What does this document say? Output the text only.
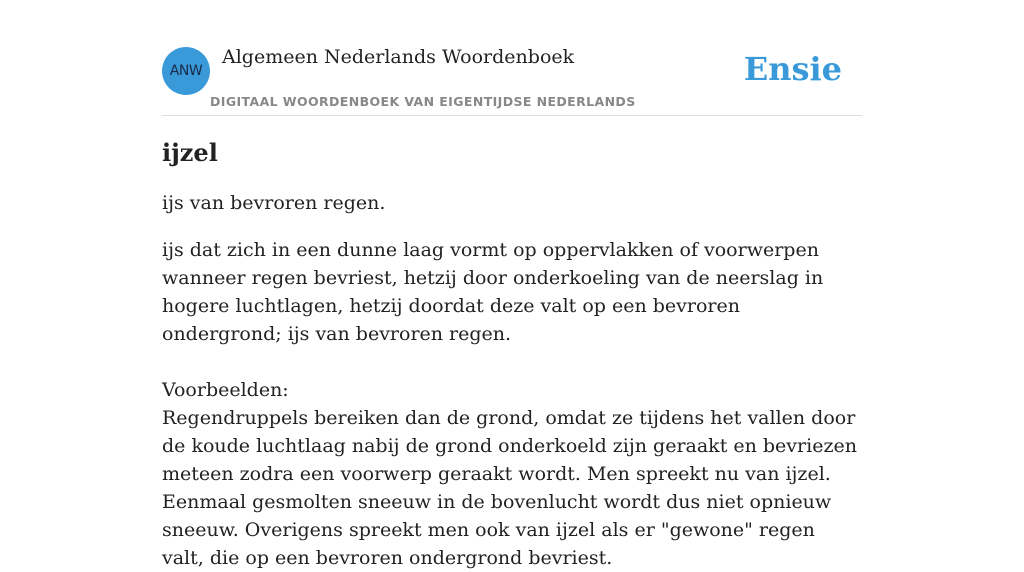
ANW
Algemeen Nederlands Woordenboek
DIGITAAL WOORDENBOEK VAN EIGENTIJDSE NEDERLANDS
Ensie
ijzel

ijs van bevroren regen.

ijs dat zich in een dunne laag vormt op oppervlakken of voorwerpen wanneer regen bevriest, hetzij door onderkoeling van de neerslag in hogere luchtlagen, hetzij doordat deze valt op een bevroren ondergrond; ijs van bevroren regen.

Voorbeelden:

Regendruppels bereiken dan de grond, omdat ze tijdens het vallen door de koude luchtlaag nabij de grond onderkoeld zijn geraakt en bevriezen meteen zodra een voorwerp geraakt wordt. Men spreekt nu van ijzel. Eenmaal gesmolten sneeuw in de bovenlucht wordt dus niet opnieuw sneeuw. Overigens spreekt men ook van ijzel als er "gewone" regen valt, die op een bevroren ondergrond bevriest.
